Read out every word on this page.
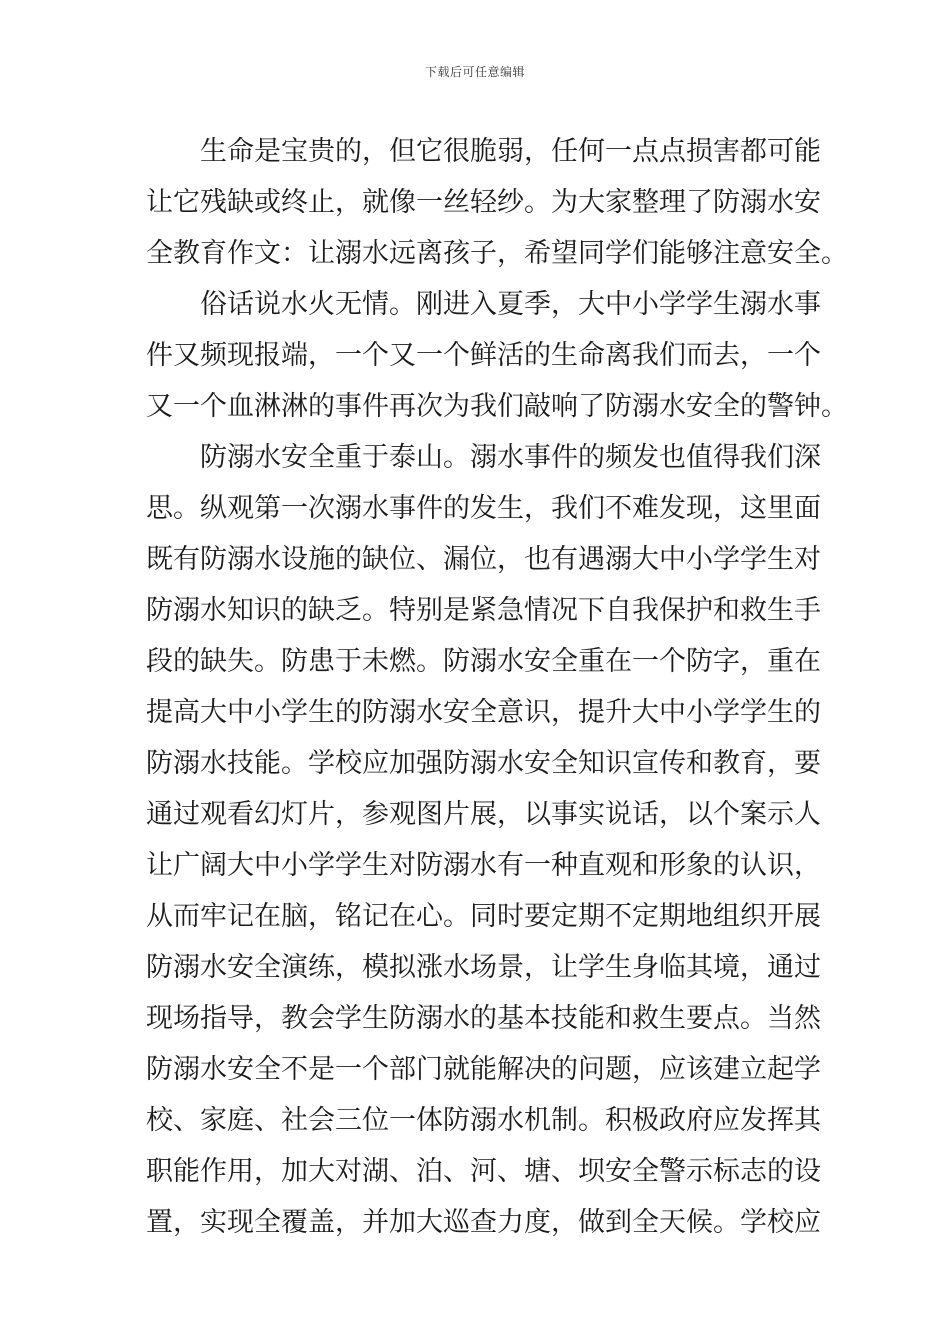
下载后可任意编辑
生命是宝贵的，但它很脆弱，任何一点点损害都可能
让它残缺或终止，就像一丝轻纱。为大家整理了防溺水安
全教育作文：让溺水远离孩子，希望同学们能够注意安全。
俗话说水火无情。刚进入夏季，大中小学学生溺水事
件又频现报端，一个又一个鲜活的生命离我们而去，一个
又一个血淋淋的事件再次为我们敲响了防溺水安全的警钟。
防溺水安全重于泰山。溺水事件的频发也值得我们深
思。纵观第一次溺水事件的发生，我们不难发现，这里面
既有防溺水设施的缺位、漏位，也有遇溺大中小学学生对
防溺水知识的缺乏。特别是紧急情况下自我保护和救生手
段的缺失。防患于未燃。防溺水安全重在一个防字，重在
提高大中小学生的防溺水安全意识，提升大中小学学生的
防溺水技能。学校应加强防溺水安全知识宣传和教育，要
通过观看幻灯片，参观图片展，以事实说话，以个案示人
让广阔大中小学学生对防溺水有一种直观和形象的认识，
从而牢记在脑，铭记在心。同时要定期不定期地组织开展
防溺水安全演练，模拟涨水场景，让学生身临其境，通过
现场指导，教会学生防溺水的基本技能和救生要点。当然
防溺水安全不是一个部门就能解决的问题，应该建立起学
校、家庭、社会三位一体防溺水机制。积极政府应发挥其
职能作用，加大对湖、泊、河、塘、坝安全警示标志的设
置，实现全覆盖，并加大巡查力度，做到全天候。学校应
